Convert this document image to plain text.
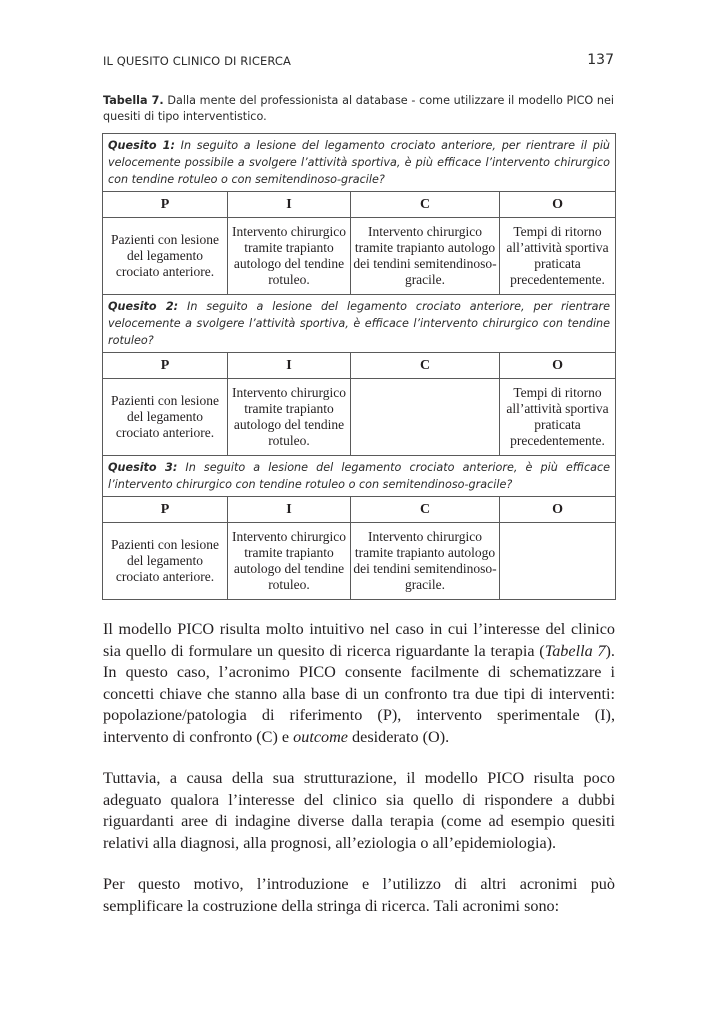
IL QUESITO CLINICO DI RICERCA	137
Tabella 7. Dalla mente del professionista al database - come utilizzare il modello PICO nei quesiti di tipo interventistico.
Quesito 1: In seguito a lesione del legamento crociato anteriore, per rientrare il più velocemente possibile a svolgere l’attività sportiva, è più efficace l’intervento chirurgico con tendine rotuleo o con semitendinoso-gracile?			
P	I	C	O
Pazienti con lesione del legamento crociato anteriore.	Intervento chirurgico tramite trapianto autologo del tendine rotuleo.	Intervento chirurgico tramite trapianto autologo dei tendini semitendinoso-gracile.	Tempi di ritorno all’attività sportiva praticata precedentemente.
Quesito 2: In seguito a lesione del legamento crociato anteriore, per rientrare velocemente a svolgere l’attività sportiva, è efficace l’intervento chirurgico con tendine rotuleo?			
P	I	C	O
Pazienti con lesione del legamento crociato anteriore.	Intervento chirurgico tramite trapianto autologo del tendine rotuleo.		Tempi di ritorno all’attività sportiva praticata precedentemente.
Quesito 3: In seguito a lesione del legamento crociato anteriore, è più efficace l’intervento chirurgico con tendine rotuleo o con semitendinoso-gracile?			
P	I	C	O
Pazienti con lesione del legamento crociato anteriore.	Intervento chirurgico tramite trapianto autologo del tendine rotuleo.	Intervento chirurgico tramite trapianto autologo dei tendini semitendinoso-gracile.	

Il modello PICO risulta molto intuitivo nel caso in cui l’interesse del clinico sia quello di formulare un quesito di ricerca riguardante la terapia (Tabella 7). In questo caso, l’acronimo PICO consente facilmente di schematizzare i concetti chiave che stanno alla base di un confronto tra due tipi di interventi: popolazione/patologia di riferimento (P), intervento sperimentale (I), intervento di confronto (C) e outcome desiderato (O).

Tuttavia, a causa della sua strutturazione, il modello PICO risulta poco adeguato qualora l’interesse del clinico sia quello di rispondere a dubbi riguardanti aree di indagine diverse dalla terapia (come ad esempio quesiti relativi alla diagnosi, alla prognosi, all’eziologia o all’epidemiologia).

Per questo motivo, l’introduzione e l’utilizzo di altri acronimi può semplificare la costruzione della stringa di ricerca. Tali acronimi sono:
